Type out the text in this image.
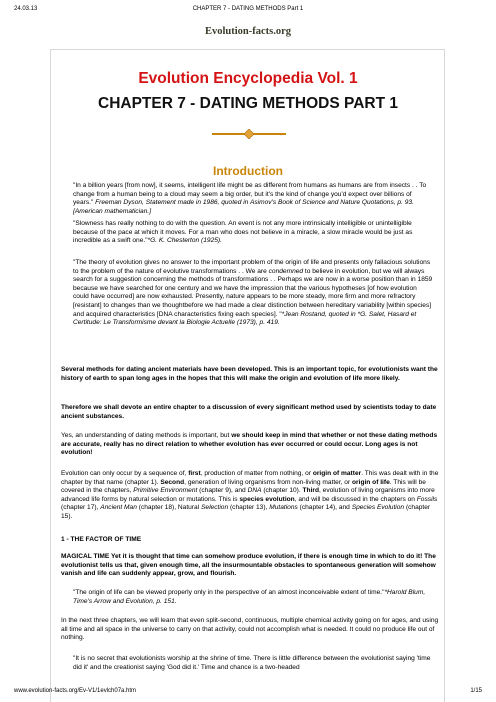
24.03.13	CHAPTER 7 - DATING METHODS Part 1
Evolution-facts.org
Evolution Encyclopedia Vol. 1
CHAPTER 7 - DATING METHODS PART 1
Introduction

"In a billion years [from now], it seems, intelligent life might be as different from humans as humans are from insects . . To change from a human being to a cloud may seem a big order, but it's the kind of change you'd expect over billions of years." Freeman Dyson, Statement made in 1986, quoted in Asimov's Book of Science and Nature Quotations, p. 93. [American mathematician.]

"Slowness has really nothing to do with the question. An event is not any more intrinsically intelligible or unintelligible because of the pace at which it moves. For a man who does not believe in a miracle, a slow miracle would be just as incredible as a swift one."*G. K. Chesterton (1925).

"The theory of evolution gives no answer to the important problem of the origin of life and presents only fallacious solutions to the problem of the nature of evolutive transformations . . We are condemned to believe in evolution, but we will always search for a suggestion concerning the methods of transformations . . Perhaps we are now in a worse position than in 1859 because we have searched for one century and we have the impression that the various hypotheses [of how evolution could have occurred] are now exhausted. Presently, nature appears to be more steady, more firm and more refractory [resistant] to changes than we thoughtbefore we had made a clear distinction between hereditary variability [within species] and acquired characteristics [DNA characteristics fixing each species]. "*Jean Rostand, quoted in *G. Salet, Hasard et Certitude: Le Transformisme devant la Biologie Actuelle (1973), p. 419.

Several methods for dating ancient materials have been developed. This is an important topic, for evolutionists want the history of earth to span long ages in the hopes that this will make the origin and evolution of life more likely.

Therefore we shall devote an entire chapter to a discussion of every significant method used by scientists today to date ancient substances.

Yes, an understanding of dating methods is important, but we should keep in mind that whether or not these dating methods are accurate, really has no direct relation to whether evolution has ever occurred or could occur. Long ages is not evolution!

Evolution can only occur by a sequence of, first, production of matter from nothing, or origin of matter. This was dealt with in the chapter by that name (chapter 1). Second, generation of living organisms from non-living matter, or origin of life. This will be covered in the chapters, Primitive Environment (chapter 9), and DNA (chapter 10). Third, evolution of living organisms into more advanced life forms by natural selection or mutations. This is species evolution, and will be discussed in the chapters on Fossils (chapter 17), Ancient Man (chapter 18), Natural Selection (chapter 13), Mutations (chapter 14), and Species Evolution (chapter 15).

1 - THE FACTOR OF TIME

MAGICAL TIME Yet it is thought that time can somehow produce evolution, if there is enough time in which to do it! The evolutionist tells us that, given enough time, all the insurmountable obstacles to spontaneous generation will somehow vanish and life can suddenly appear, grow, and flourish.

"The origin of life can be viewed properly only in the perspective of an almost inconceivable extent of time."*Harold Blum, Time's Arrow and Evolution, p. 151.

In the next three chapters, we will learn that even split-second, continuous, multiple chemical activity going on for ages, and using all time and all space in the universe to carry on that activity, could not accomplish what is needed. It could no produce life out of nothing.

"It is no secret that evolutionists worship at the shrine of time. There is little difference between the evolutionist saying 'time did it' and the creationist saying 'God did it.' Time and chance is a two-headed

www.evolution-facts.org/Ev-V1/1evlch07a.htm	1/15
